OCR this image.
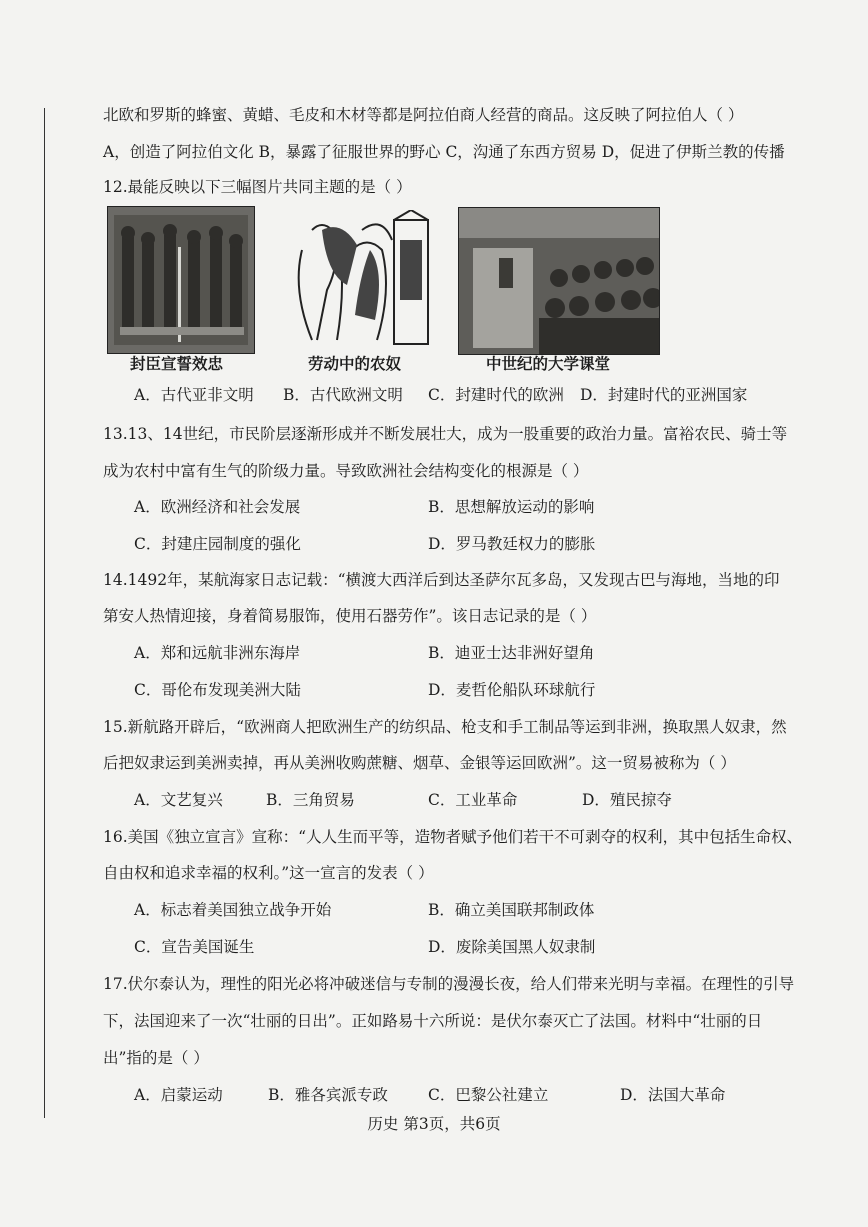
北欧和罗斯的蜂蜜、黄蜡、毛皮和木材等都是阿拉伯商人经营的商品。这反映了阿拉伯人（ ）
A，创造了阿拉伯文化 B，暴露了征服世界的野心 C，沟通了东西方贸易 D，促进了伊斯兰教的传播
12.最能反映以下三幅图片共同主题的是（ ）
封臣宣誓效忠	劳动中的农奴	中世纪的大学课堂
A．古代亚非文明 B．古代欧洲文明 C．封建时代的欧洲 D．封建时代的亚洲国家
13.13、14世纪，市民阶层逐渐形成并不断发展壮大，成为一股重要的政治力量。富裕农民、骑士等
成为农村中富有生气的阶级力量。导致欧洲社会结构变化的根源是（ ）
A．欧洲经济和社会发展	B．思想解放运动的影响
C．封建庄园制度的强化	D．罗马教廷权力的膨胀
14.1492年，某航海家日志记载：“横渡大西洋后到达圣萨尔瓦多岛，又发现古巴与海地，当地的印
第安人热情迎接，身着简易服饰，使用石器劳作”。该日志记录的是（ ）
A．郑和远航非洲东海岸	B．迪亚士达非洲好望角
C．哥伦布发现美洲大陆	D．麦哲伦船队环球航行
15.新航路开辟后，“欧洲商人把欧洲生产的纺织品、枪支和手工制品等运到非洲，换取黑人奴隶，然
后把奴隶运到美洲卖掉，再从美洲收购蔗糖、烟草、金银等运回欧洲”。这一贸易被称为（ ）
A．文艺复兴	B．三角贸易	C．工业革命	D．殖民掠夺
16.美国《独立宣言》宣称：“人人生而平等，造物者赋予他们若干不可剥夺的权利，其中包括生命权、
自由权和追求幸福的权利。”这一宣言的发表（ ）
A．标志着美国独立战争开始	B．确立美国联邦制政体
C．宣告美国诞生	D．废除美国黑人奴隶制
17.伏尔泰认为，理性的阳光必将冲破迷信与专制的漫漫长夜，给人们带来光明与幸福。在理性的引导
下，法国迎来了一次“壮丽的日出”。正如路易十六所说：是伏尔泰灭亡了法国。材料中“壮丽的日
出”指的是（ ）
A．启蒙运动	B．雅各宾派专政	C．巴黎公社建立	D．法国大革命
历史 第3页，共6页
